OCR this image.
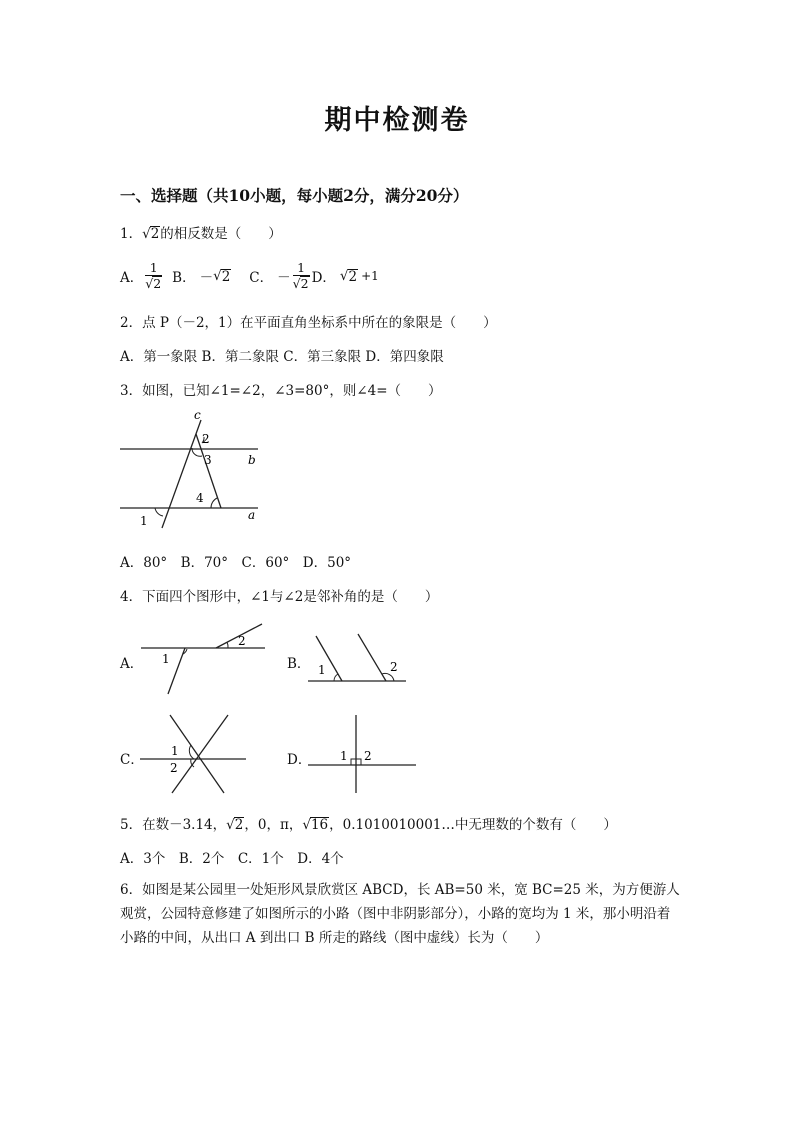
期中检测卷
一、选择题（共10小题，每小题2分，满分20分）
1．√2的相反数是（　　）
A． $\frac{1}{√2}$ B． － √ 2 C． － $\frac{1}{√2}$ D． √ 2 +1
2．点 P（－2，1）在平面直角坐标系中所在的象限是（　　）
A．第一象限 B．第二象限 C．第三象限 D．第四象限
3．如图，已知∠1=∠2，∠3=80°，则∠4=（　　）
c
2
3	b
4
a
1
A．80°　B．70°　C．60°　D．50°
4．下面四个图形中，∠1与∠2是邻补角的是（　　）
A． 1
2
B． 1	2
C．
1
2	D． 1 2
5．在数－3.14，√2，0，π，√16，0.1010010001…中无理数的个数有（　　）
A．3个　B．2个　C．1个　D．4个
6．如图是某公园里一处矩形风景欣赏区 ABCD，长 AB=50 米，宽 BC=25 米，为方便游人观赏，公园特意修建了如图所示的小路（图中非阴影部分），小路的宽均为 1 米，那小明沿着小路的中间，从出口 A 到出口 B 所走的路线（图中虚线）长为（　　）
